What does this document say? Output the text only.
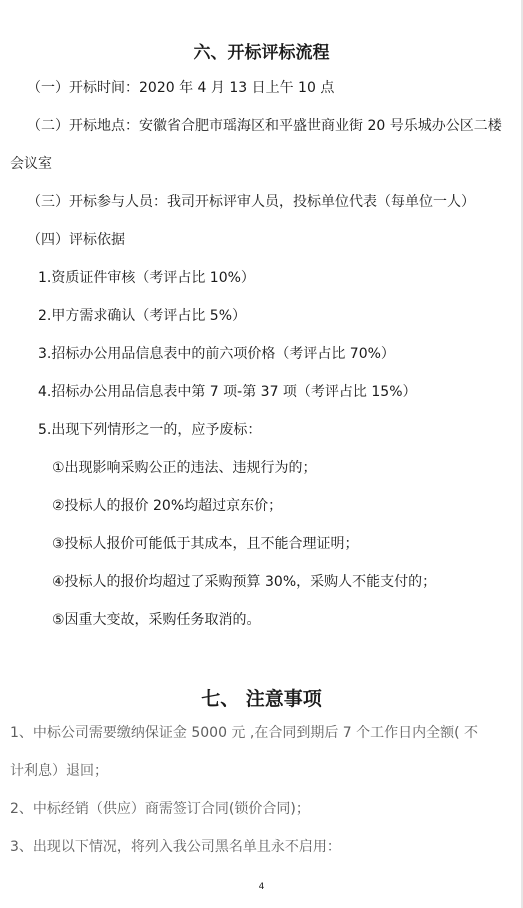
六、开标评标流程
（一）开标时间：2020 年 4 月 13 日上午 10 点
（二）开标地点：安徽省合肥市瑶海区和平盛世商业街 20 号乐城办公区二楼
会议室
（三）开标参与人员：我司开标评审人员，投标单位代表（每单位一人）
（四）评标依据
1.资质证件审核（考评占比 10%）
2.甲方需求确认（考评占比 5%）
3.招标办公用品信息表中的前六项价格（考评占比 70%）
4.招标办公用品信息表中第 7 项-第 37 项（考评占比 15%）
5.出现下列情形之一的，应予废标：
①出现影响采购公正的违法、违规行为的；
②投标人的报价 20%均超过京东价；
③投标人报价可能低于其成本，且不能合理证明；
④投标人的报价均超过了采购预算 30%，采购人不能支付的；
⑤因重大变故，采购任务取消的。
七、 注意事项
1、中标公司需要缴纳保证金 5000 元 ,在合同到期后 7 个工作日内全额( 不
计利息）退回；
2、中标经销（供应）商需签订合同(锁价合同)；
3、出现以下情况，将列入我公司黑名单且永不启用：
4
